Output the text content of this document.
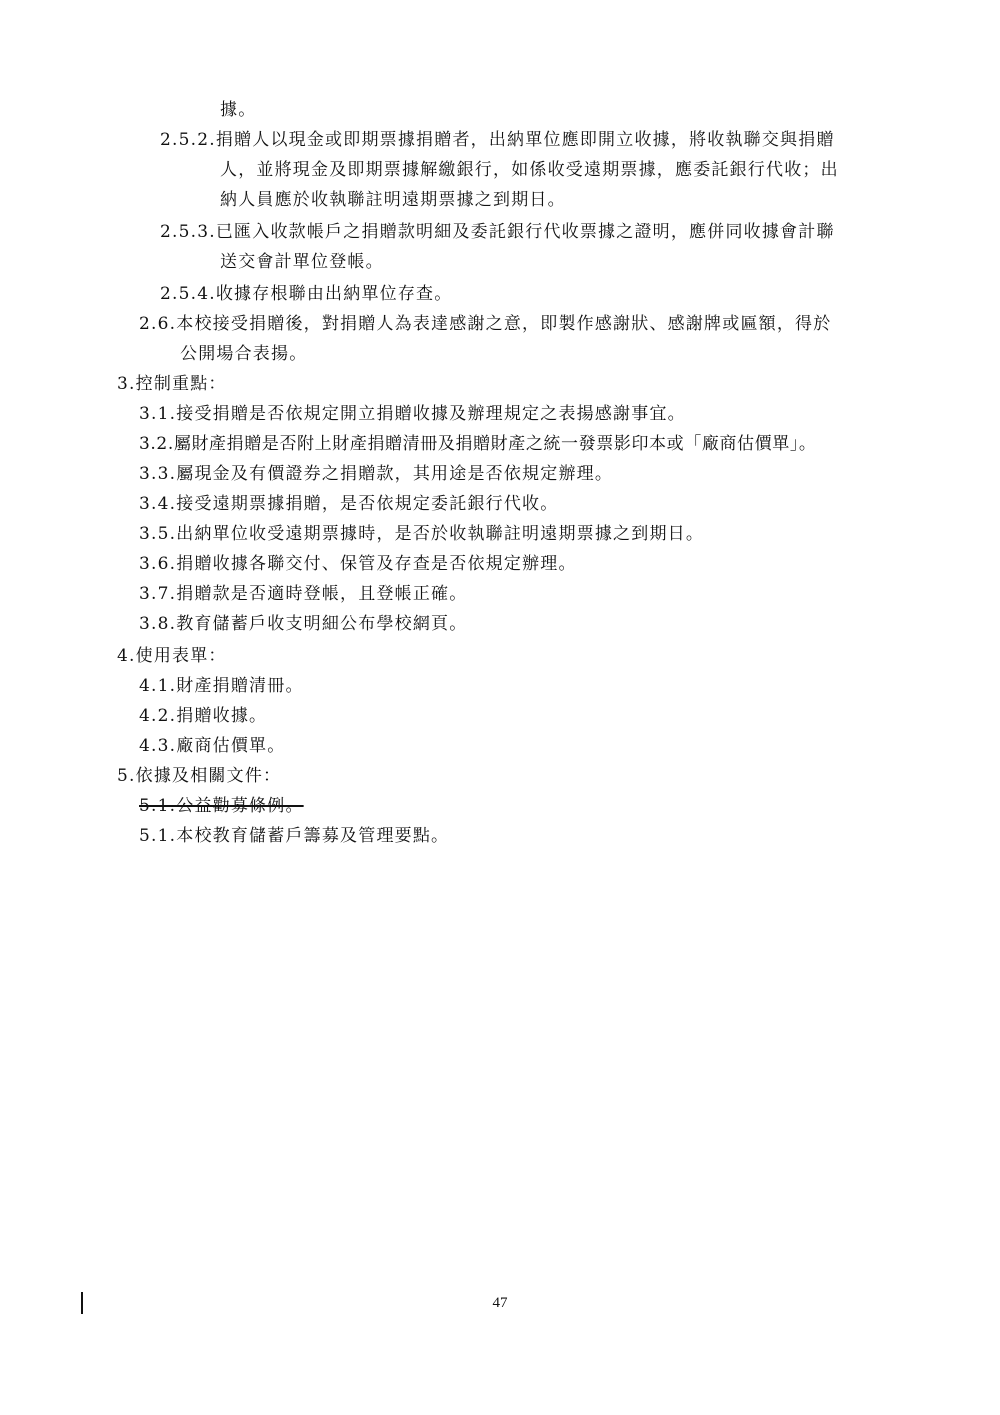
據。
2.5.2.捐贈人以現金或即期票據捐贈者，出納單位應即開立收據，將收執聯交與捐贈
人，並將現金及即期票據解繳銀行，如係收受遠期票據，應委託銀行代收；出
納人員應於收執聯註明遠期票據之到期日。
2.5.3.已匯入收款帳戶之捐贈款明細及委託銀行代收票據之證明，應併同收據會計聯
送交會計單位登帳。
2.5.4.收據存根聯由出納單位存查。
2.6.本校接受捐贈後，對捐贈人為表達感謝之意，即製作感謝狀、感謝牌或匾額，得於
公開場合表揚。
3.控制重點：
3.1.接受捐贈是否依規定開立捐贈收據及辦理規定之表揚感謝事宜。
3.2.屬財產捐贈是否附上財產捐贈清冊及捐贈財產之統一發票影印本或「廠商估價單」。
3.3.屬現金及有價證券之捐贈款，其用途是否依規定辦理。
3.4.接受遠期票據捐贈，是否依規定委託銀行代收。
3.5.出納單位收受遠期票據時，是否於收執聯註明遠期票據之到期日。
3.6.捐贈收據各聯交付、保管及存查是否依規定辦理。
3.7.捐贈款是否適時登帳，且登帳正確。
3.8.教育儲蓄戶收支明細公布學校網頁。
4.使用表單：
4.1.財產捐贈清冊。
4.2.捐贈收據。
4.3.廠商估價單。
5.依據及相關文件：
5.1.公益勸募條例。
5.1.本校教育儲蓄戶籌募及管理要點。
47
